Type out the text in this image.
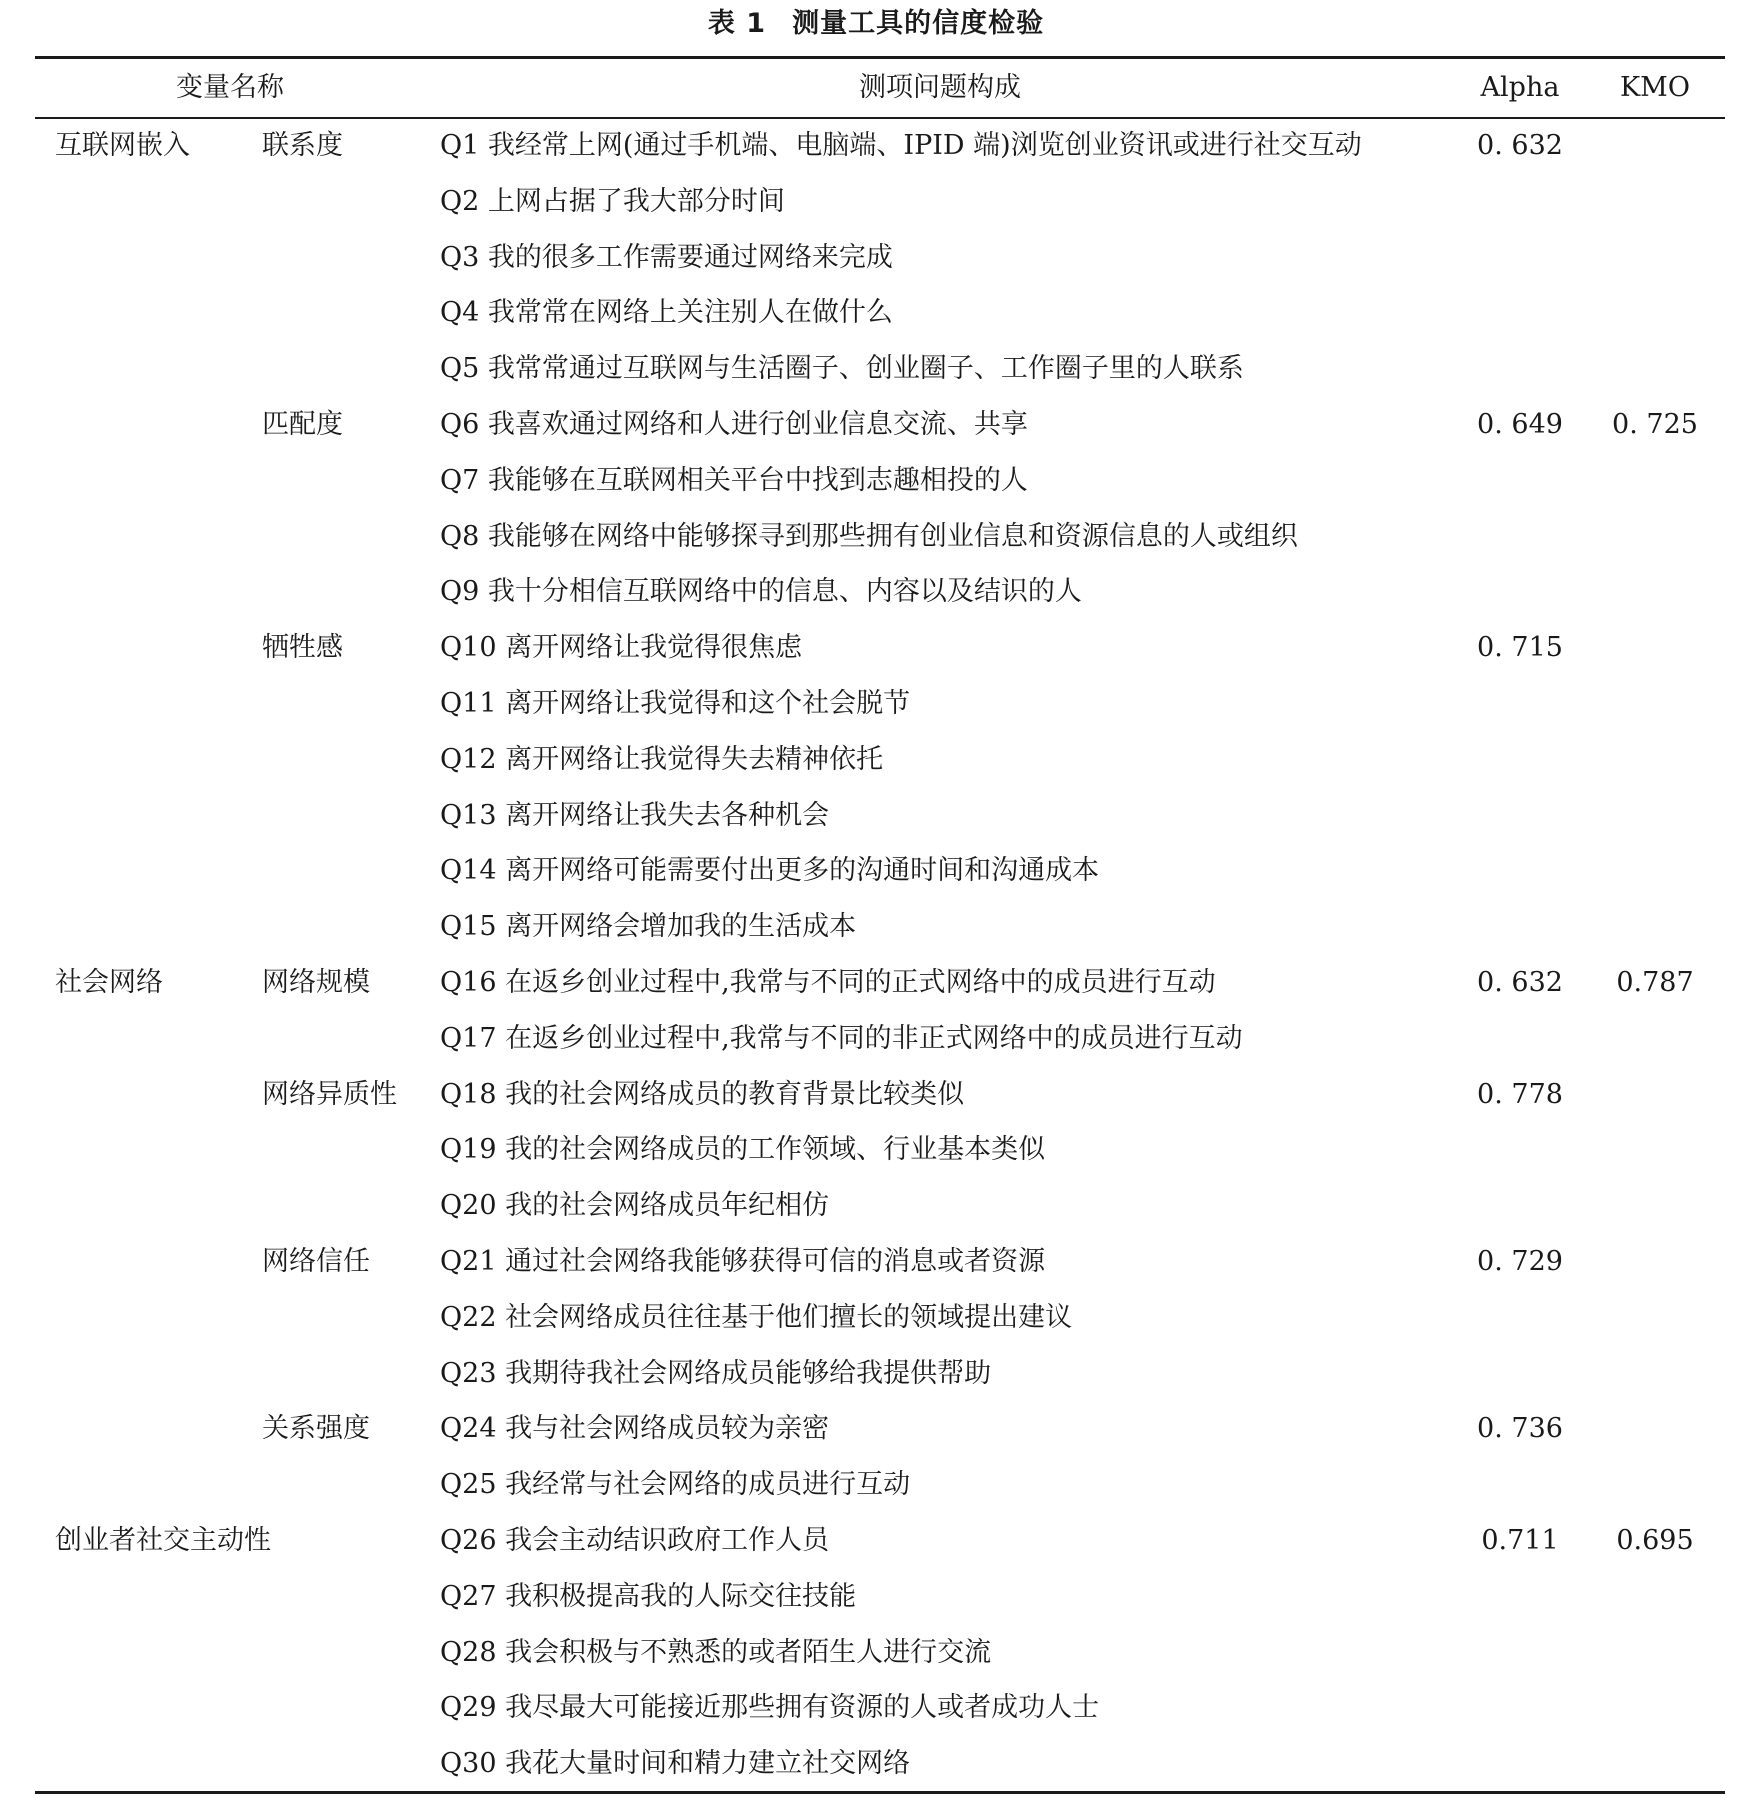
表 1 测量工具的信度检验
变量名称	测项问题构成	Alpha	KMO
互联网嵌入	联系度	Q1 我经常上网(通过手机端、电脑端、IPID 端)浏览创业资讯或进行社交互动	0. 632
Q2 上网占据了我大部分时间
Q3 我的很多工作需要通过网络来完成
Q4 我常常在网络上关注别人在做什么
Q5 我常常通过互联网与生活圈子、创业圈子、工作圈子里的人联系
匹配度	Q6 我喜欢通过网络和人进行创业信息交流、共享	0. 649	0. 725
Q7 我能够在互联网相关平台中找到志趣相投的人
Q8 我能够在网络中能够探寻到那些拥有创业信息和资源信息的人或组织
Q9 我十分相信互联网络中的信息、内容以及结识的人
牺牲感	Q10 离开网络让我觉得很焦虑	0. 715
Q11 离开网络让我觉得和这个社会脱节
Q12 离开网络让我觉得失去精神依托
Q13 离开网络让我失去各种机会
Q14 离开网络可能需要付出更多的沟通时间和沟通成本
Q15 离开网络会增加我的生活成本
社会网络	网络规模	Q16 在返乡创业过程中,我常与不同的正式网络中的成员进行互动	0. 632	0.787
Q17 在返乡创业过程中,我常与不同的非正式网络中的成员进行互动
网络异质性 Q18 我的社会网络成员的教育背景比较类似	0. 778
Q19 我的社会网络成员的工作领域、行业基本类似
Q20 我的社会网络成员年纪相仿
网络信任	Q21 通过社会网络我能够获得可信的消息或者资源	0. 729
Q22 社会网络成员往往基于他们擅长的领域提出建议
Q23 我期待我社会网络成员能够给我提供帮助
关系强度	Q24 我与社会网络成员较为亲密	0. 736
Q25 我经常与社会网络的成员进行互动
创业者社交主动性	Q26 我会主动结识政府工作人员	0.711	0.695
Q27 我积极提高我的人际交往技能
Q28 我会积极与不熟悉的或者陌生人进行交流
Q29 我尽最大可能接近那些拥有资源的人或者成功人士
Q30 我花大量时间和精力建立社交网络
